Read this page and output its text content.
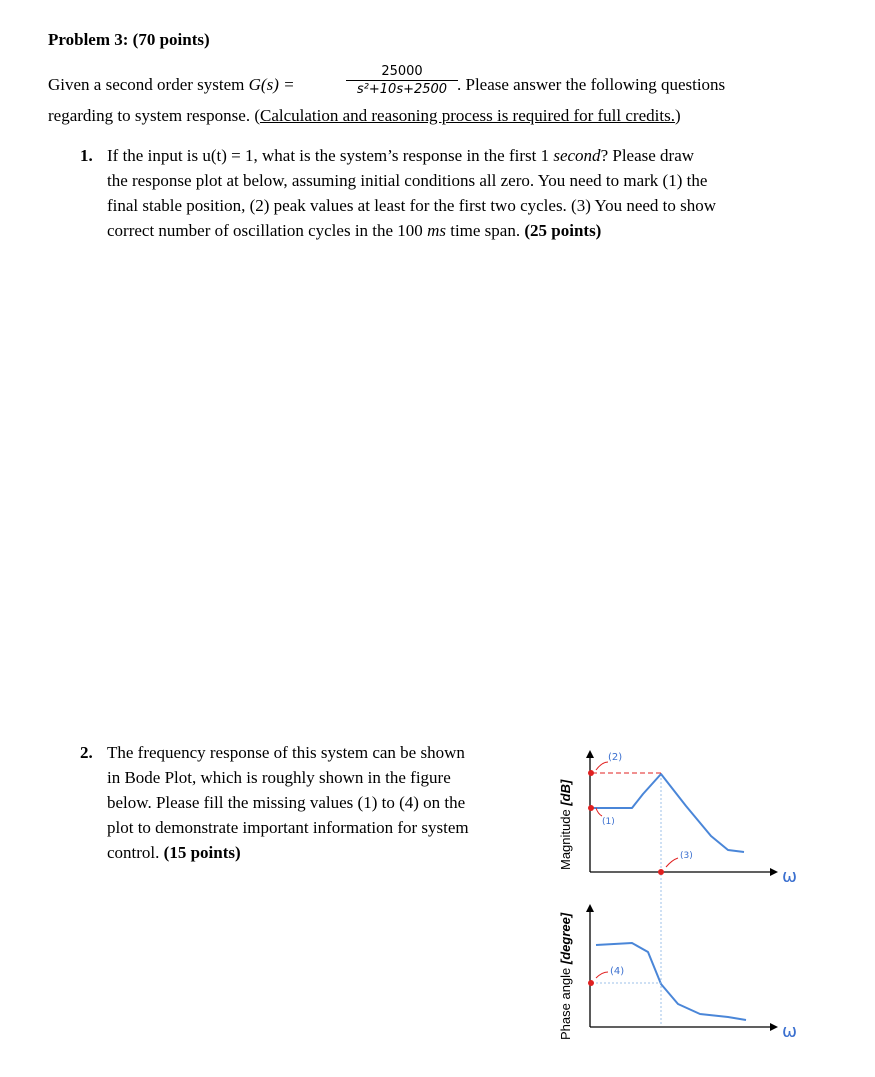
Problem 3: (70 points)
Given a second order system G(s) =	$\frac{25000}{\text{s²+10s+2500}}$ . Please answer the following questions
regarding to system response. (Calculation and reasoning process is required for full credits.)
1. If the input is u(t) = 1, what is the system’s response in the first 1 second? Please draw
the response plot at below, assuming initial conditions all zero. You need to mark (1) the
final stable position, (2) peak values at least for the first two cycles. (3) You need to show
correct number of oscillation cycles in the 100 ms time span. (25 points)
2. The frequency response of this system can be shown
in Bode Plot, which is roughly shown in the figure
below. Please fill the missing values (1) to (4) on the
plot to demonstrate important information for system
control. (15 points)	Magnitude [dB]
Phase angle [degree]
(2)
(1)
(3)
ω
(4)
ω
